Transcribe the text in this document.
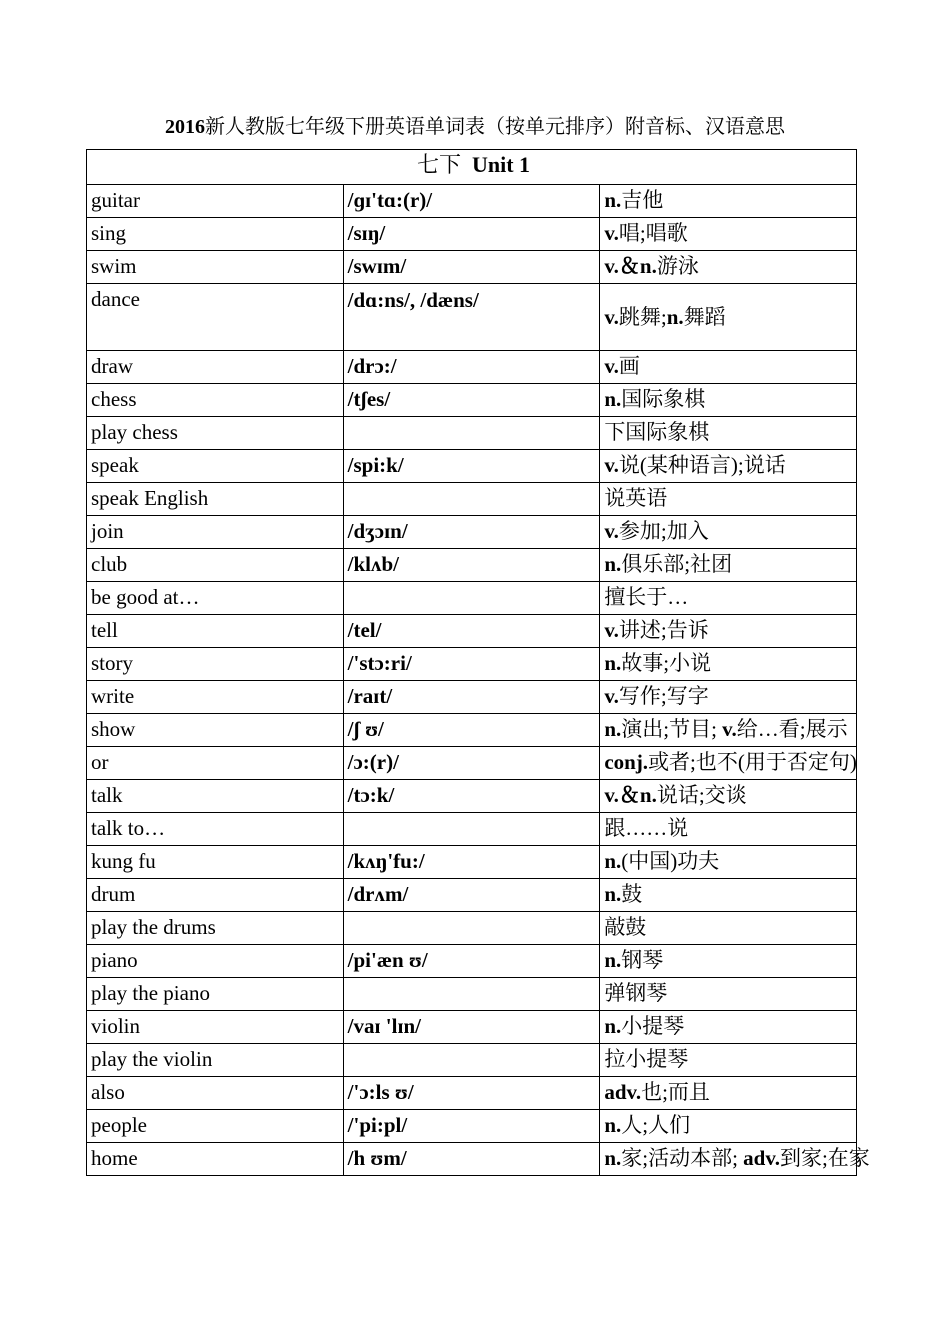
2016新人教版七年级下册英语单词表（按单元排序）附音标、汉语意思
七下 Unit 1		
guitar	/ɡɪ'tɑ:(r)/	n.吉他
sing	/sɪŋ/	v.唱;唱歌
swim	/swɪm/	v.＆n.游泳
dance	/dɑ:ns/, /dæns/	v.跳舞;n.舞蹈
draw	/drɔ:/	v.画
chess	/tʃes/	n.国际象棋
play chess		下国际象棋
speak	/spi:k/	v.说(某种语言);说话
speak English		说英语
join	/dʒɔɪn/	v.参加;加入
club	/klʌb/	n.俱乐部;社团
be good at…		擅长于…
tell	/tel/	v.讲述;告诉
story	/'stɔ:ri/	n.故事;小说
write	/raɪt/	v.写作;写字
show	/ʃ ʊ/	n.演出;节目; v.给…看;展示
or	/ɔ:(r)/	conj.或者;也不(用于否定句)
talk	/tɔ:k/	v.＆n.说话;交谈
talk to…		跟……说
kung fu	/kʌŋ'fu:/	n.(中国)功夫
drum	/drʌm/	n.鼓
play the drums		敲鼓
piano	/pi'æn ʊ/	n.钢琴
play the piano		弹钢琴
violin	/vaɪ 'lɪn/	n.小提琴
play the violin		拉小提琴
also	/'ɔ:ls ʊ/	adv.也;而且
people	/'pi:pl/	n.人;人们
home	/h ʊm/	n.家;活动本部; adv.到家;在家
